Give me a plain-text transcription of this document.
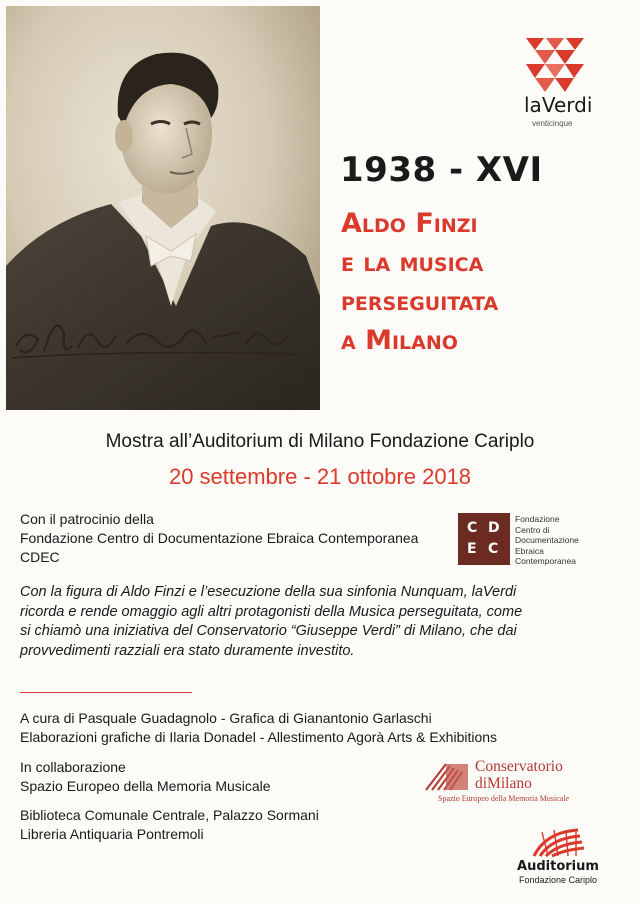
laVerdi
venticinque
1938 - XVI
Aldo Finzi
e la musica
perseguitata
a Milano
Mostra all’Auditorium di Milano Fondazione Cariplo
20 settembre - 21 ottobre 2018
Con il patrocinio della
Fondazione Centro di Documentazione Ebraica Contemporanea
CDEC
C D
E C
Fondazione
Centro di
Documentazione
Ebraica
Contemporanea
Con la figura di Aldo Finzi e l’esecuzione della sua sinfonia Nunquam, laVerdi
ricorda e rende omaggio agli altri protagonisti della Musica perseguitata, come
si chiamò una iniziativa del Conservatorio “Giuseppe Verdi” di Milano, che dai
provvedimenti razziali era stato duramente investito.
A cura di Pasquale Guadagnolo - Grafica di Gianantonio Garlaschi
Elaborazioni grafiche di Ilaria Donadel - Allestimento Agorà Arts & Exhibitions
In collaborazione
Spazio Europeo della Memoria Musicale
Biblioteca Comunale Centrale, Palazzo Sormani
Libreria Antiquaria Pontremoli
Conservatorio
diMilano
Spazio Europeo della Memoria Musicale
Auditorium
Fondazione Cariplo
